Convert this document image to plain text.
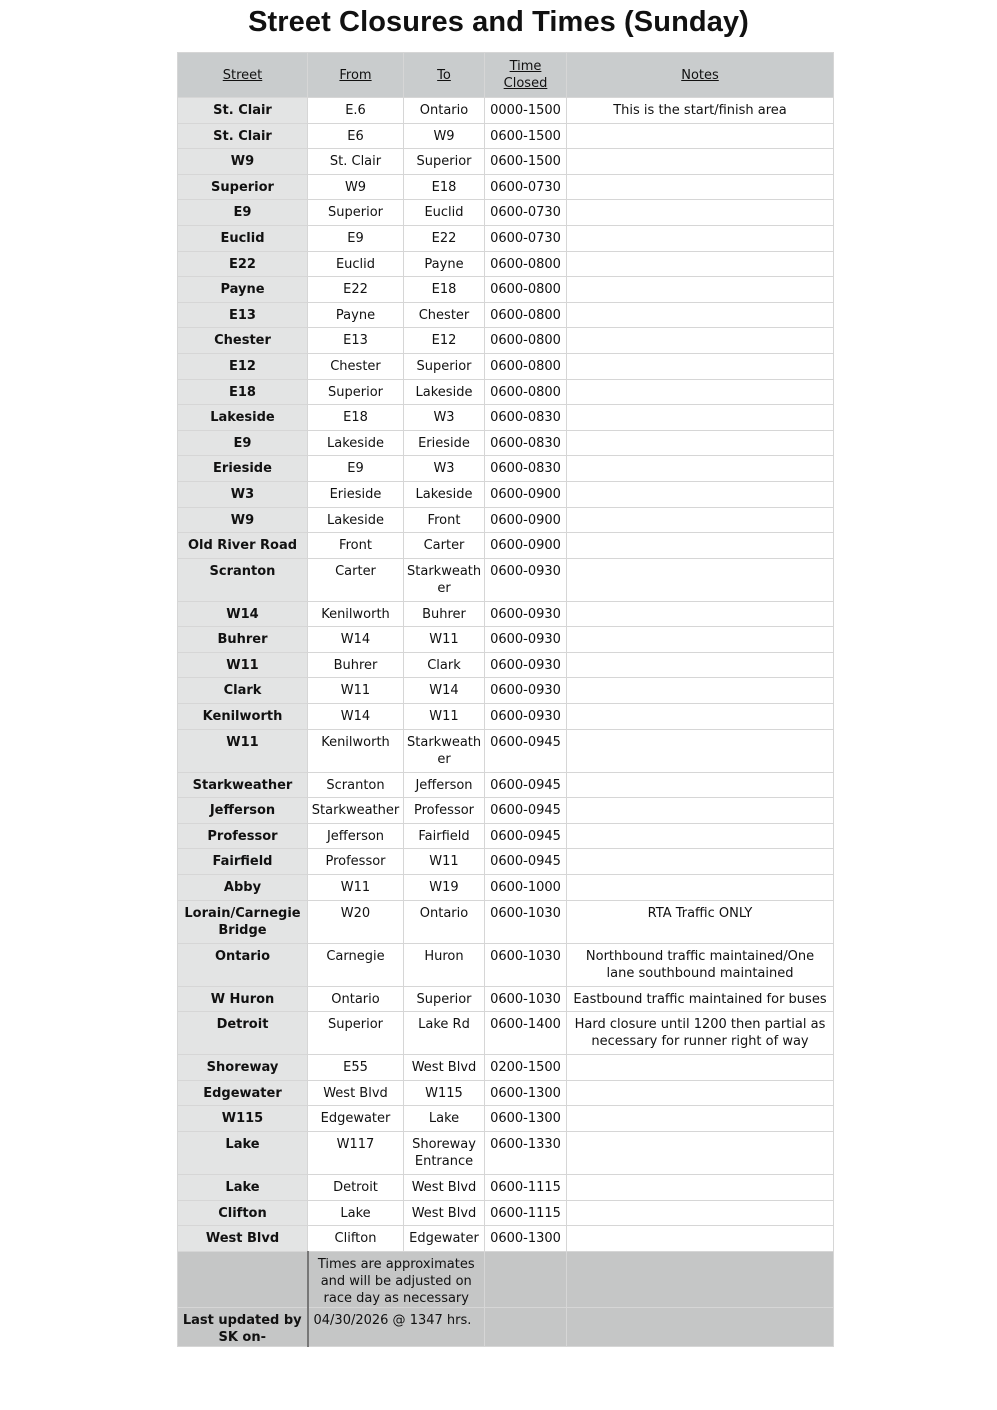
Street Closures and Times (Sunday)
Street	From	To	Time Closed	Notes
St. Clair	E.6	Ontario	0000-1500	This is the start/finish area
St. Clair	E6	W9	0600-1500	
W9	St. Clair	Superior	0600-1500	
Superior	W9	E18	0600-0730	
E9	Superior	Euclid	0600-0730	
Euclid	E9	E22	0600-0730	
E22	Euclid	Payne	0600-0800	
Payne	E22	E18	0600-0800	
E13	Payne	Chester	0600-0800	
Chester	E13	E12	0600-0800	
E12	Chester	Superior	0600-0800	
E18	Superior	Lakeside	0600-0800	
Lakeside	E18	W3	0600-0830	
E9	Lakeside	Erieside	0600-0830	
Erieside	E9	W3	0600-0830	
W3	Erieside	Lakeside	0600-0900	
W9	Lakeside	Front	0600-0900	
Old River Road	Front	Carter	0600-0900	
Scranton	Carter	Starkweath er	0600-0930	
W14	Kenilworth	Buhrer	0600-0930	
Buhrer	W14	W11	0600-0930	
W11	Buhrer	Clark	0600-0930	
Clark	W11	W14	0600-0930	
Kenilworth	W14	W11	0600-0930	
W11	Kenilworth	Starkweath er	0600-0945	
Starkweather	Scranton	Jefferson	0600-0945	
Jefferson	Starkweather	Professor	0600-0945	
Professor	Jefferson	Fairfield	0600-0945	
Fairfield	Professor	W11	0600-0945	
Abby	W11	W19	0600-1000	
Lorain/Carnegie Bridge	W20	Ontario	0600-1030	RTA Traffic ONLY
Ontario	Carnegie	Huron	0600-1030	Northbound traffic maintained/One lane southbound maintained
W Huron	Ontario	Superior	0600-1030	Eastbound traffic maintained for buses
Detroit	Superior	Lake Rd	0600-1400	Hard closure until 1200 then partial as necessary for runner right of way
Shoreway	E55	West Blvd	0200-1500	
Edgewater	West Blvd	W115	0600-1300	
W115	Edgewater	Lake	0600-1300	
Lake	W117	Shoreway Entrance	0600-1330	
Lake	Detroit	West Blvd	0600-1115	
Clifton	Lake	West Blvd	0600-1115	
West Blvd	Clifton	Edgewater	0600-1300	
	Times are approximates and will be adjusted on race day as necessary			
Last updated by SK on-	04/30/2026 @ 1347 hrs.			
